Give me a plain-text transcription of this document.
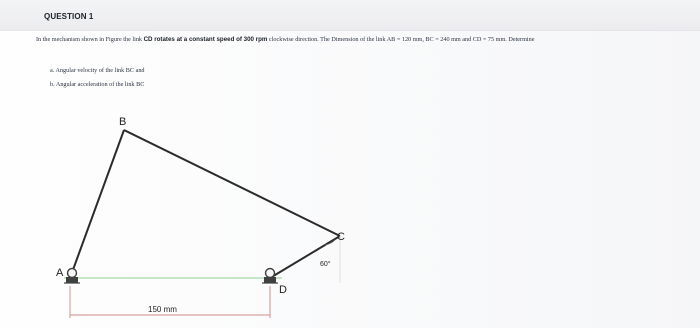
QUESTION 1
In the mechanism shown in Figure the link CD rotates at a constant speed of 300 rpm clockwise direction. The Dimension of the link AB = 120 mm, BC = 240 mm and CD = 75 mm. Determine
a. Angular velocity of the link BC and
b. Angular acceleration of the link BC
B
A
C
D
60°
150 mm
